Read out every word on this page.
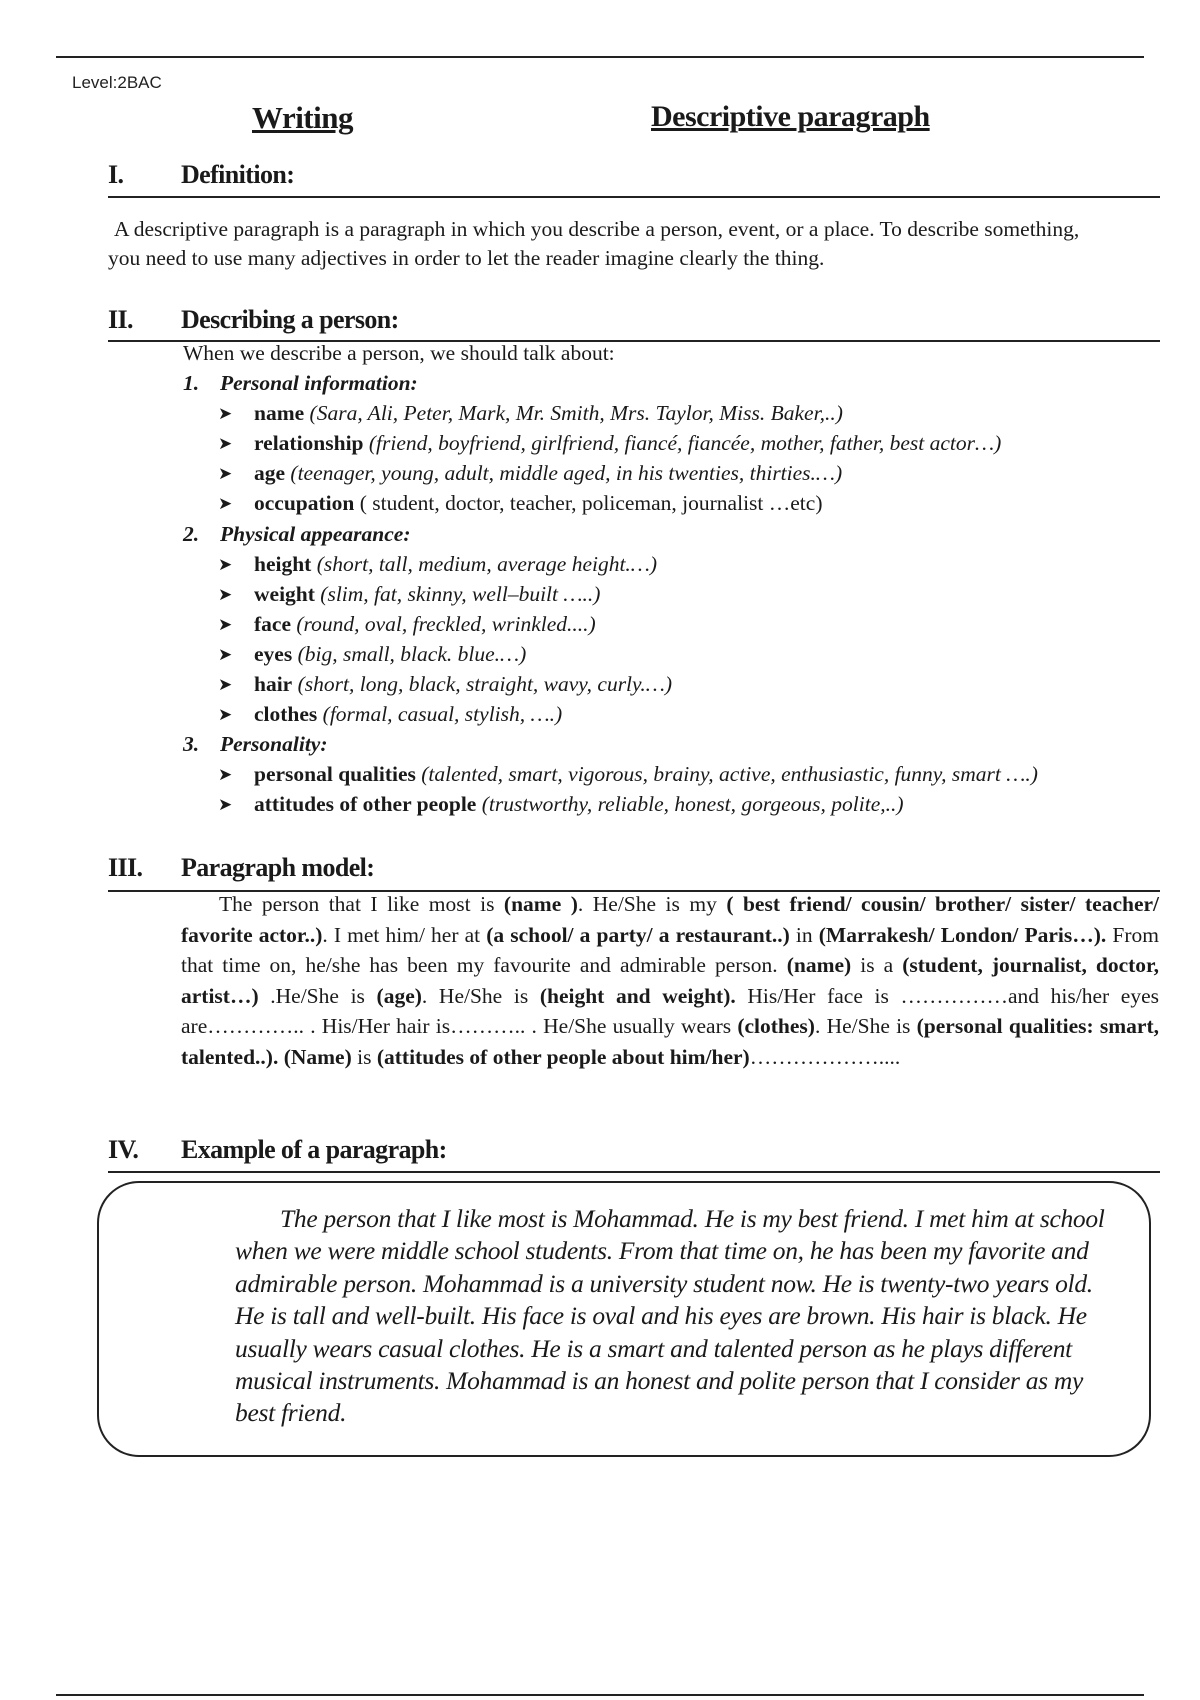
Level:2BAC
Writing	Descriptive paragraph
I. Definition:
A descriptive paragraph is a paragraph in which you describe a person, event, or a place. To describe something, you need to use many adjectives in order to let the reader imagine clearly the thing.
II. Describing a person:
When we describe a person, we should talk about:
1. Personal information:
➤ name (Sara, Ali, Peter, Mark, Mr. Smith, Mrs. Taylor, Miss. Baker,..)
➤ relationship (friend, boyfriend, girlfriend, fiancé, fiancée, mother, father, best actor…)
➤ age (teenager, young, adult, middle aged, in his twenties, thirties.…)
➤ occupation ( student, doctor, teacher, policeman, journalist …etc)
2. Physical appearance:
➤ height (short, tall, medium, average height.…)
➤ weight (slim, fat, skinny, well–built …..)
➤ face (round, oval, freckled, wrinkled....)
➤ eyes (big, small, black. blue.…)
➤ hair (short, long, black, straight, wavy, curly.…)
➤ clothes (formal, casual, stylish, ….)
3. Personality:
➤ personal qualities (talented, smart, vigorous, brainy, active, enthusiastic, funny, smart ….)
➤ attitudes of other people (trustworthy, reliable, honest, gorgeous, polite,..)
III. Paragraph model:
The person that I like most is (name ). He/She is my ( best friend/ cousin/ brother/ sister/ teacher/ favorite actor..). I met him/ her at (a school/ a party/ a restaurant..) in (Marrakesh/ London/ Paris…). From that time on, he/she has been my favourite and admirable person. (name) is a (student, journalist, doctor, artist…) .He/She is (age). He/She is (height and weight). His/Her face is ……………and his/her eyes are………….. . His/Her hair is……….. . He/She usually wears (clothes). He/She is (personal qualities: smart, talented..). (Name) is (attitudes of other people about him/her)………………....
IV. Example of a paragraph:
The person that I like most is Mohammad. He is my best friend. I met him at school when we were middle school students. From that time on, he has been my favorite and admirable person. Mohammad is a university student now. He is twenty-two years old. He is tall and well-built. His face is oval and his eyes are brown. His hair is black. He usually wears casual clothes. He is a smart and talented person as he plays different musical instruments. Mohammad is an honest and polite person that I consider as my best friend.
